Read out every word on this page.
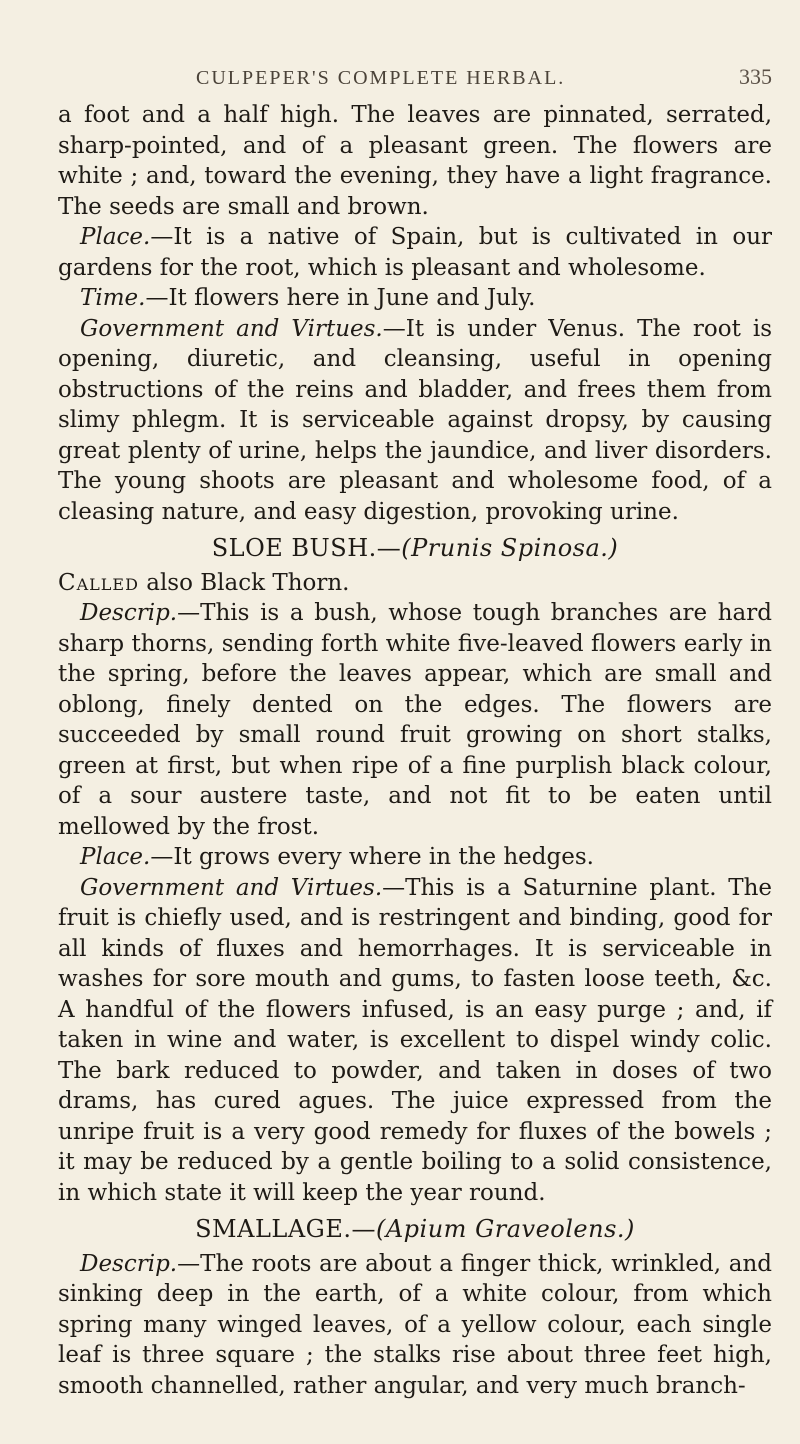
CULPEPER'S COMPLETE HERBAL.	335

a foot and a half high. The leaves are pinnated, serrated, sharp-pointed, and of a pleasant green. The flowers are white ; and, toward the evening, they have a light fragrance. The seeds are small and brown.

Place.—It is a native of Spain, but is cultivated in our gardens for the root, which is pleasant and wholesome.

Time.—It flowers here in June and July.

Government and Virtues.—It is under Venus. The root is opening, diuretic, and cleansing, useful in opening obstructions of the reins and bladder, and frees them from slimy phlegm. It is serviceable against dropsy, by causing great plenty of urine, helps the jaundice, and liver disorders. The young shoots are pleasant and wholesome food, of a cleasing nature, and easy digestion, provoking urine.

SLOE BUSH.—(Prunis Spinosa.)

Called also Black Thorn.

Descrip.—This is a bush, whose tough branches are hard sharp thorns, sending forth white five-leaved flowers early in the spring, before the leaves appear, which are small and oblong, finely dented on the edges. The flowers are succeeded by small round fruit growing on short stalks, green at first, but when ripe of a fine purplish black colour, of a sour austere taste, and not fit to be eaten until mellowed by the frost.

Place.—It grows every where in the hedges.

Government and Virtues.—This is a Saturnine plant. The fruit is chiefly used, and is restringent and binding, good for all kinds of fluxes and hemorrhages. It is serviceable in washes for sore mouth and gums, to fasten loose teeth, &c. A handful of the flowers infused, is an easy purge ; and, if taken in wine and water, is excellent to dispel windy colic. The bark reduced to powder, and taken in doses of two drams, has cured agues. The juice expressed from the unripe fruit is a very good remedy for fluxes of the bowels ; it may be reduced by a gentle boiling to a solid consistence, in which state it will keep the year round.

SMALLAGE.—(Apium Graveolens.)

Descrip.—The roots are about a finger thick, wrinkled, and sinking deep in the earth, of a white colour, from which spring many winged leaves, of a yellow colour, each single leaf is three square ; the stalks rise about three feet high, smooth channelled, rather angular, and very much branch-
